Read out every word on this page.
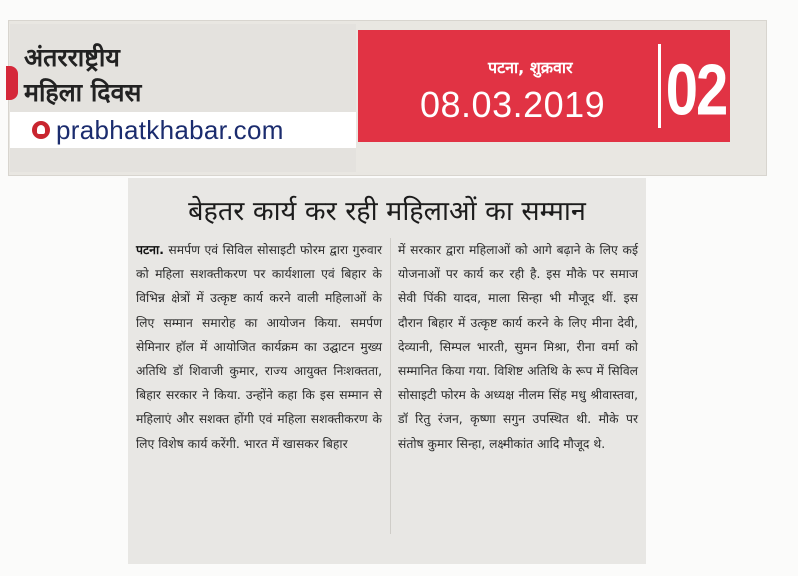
अंतरराष्ट्रीय
महिला दिवस
prabhatkhabar.com
पटना, शुक्रवार
08.03.2019 02
बेहतर कार्य कर रही महिलाओं का सम्मान
पटना. समर्पण एवं सिविल सोसाइटी फोरम द्वारा गुरुवार को महिला सशक्तीकरण पर कार्यशाला एवं बिहार के विभिन्न क्षेत्रों में उत्कृष्ट कार्य करने वाली महिलाओं के लिए सम्मान समारोह का आयोजन किया. समर्पण सेमिनार हॉल में आयोजित कार्यक्रम का उद्घाटन मुख्य अतिथि डॉ शिवाजी कुमार, राज्य आयुक्त निःशक्तता, बिहार सरकार ने किया. उन्होंने कहा कि इस सम्मान से महिलाएं और सशक्त होंगी एवं महिला सशक्तीकरण के लिए विशेष कार्य करेंगी. भारत में खासकर बिहार
में सरकार द्वारा महिलाओं को आगे बढ़ाने के लिए कई योजनाओं पर कार्य कर रही है. इस मौके पर समाज सेवी पिंकी यादव, माला सिन्हा भी मौजूद थीं. इस दौरान बिहार में उत्कृष्ट कार्य करने के लिए मीना देवी, देव्यानी, सिम्पल भारती, सुमन मिश्रा, रीना वर्मा को सम्मानित किया गया. विशिष्ट अतिथि के रूप में सिविल सोसाइटी फोरम के अध्यक्ष नीलम सिंह मधु श्रीवास्तवा, डॉ रितु रंजन, कृष्णा सगुन उपस्थित थी. मौके पर संतोष कुमार सिन्हा, लक्ष्मीकांत आदि मौजूद थे.
